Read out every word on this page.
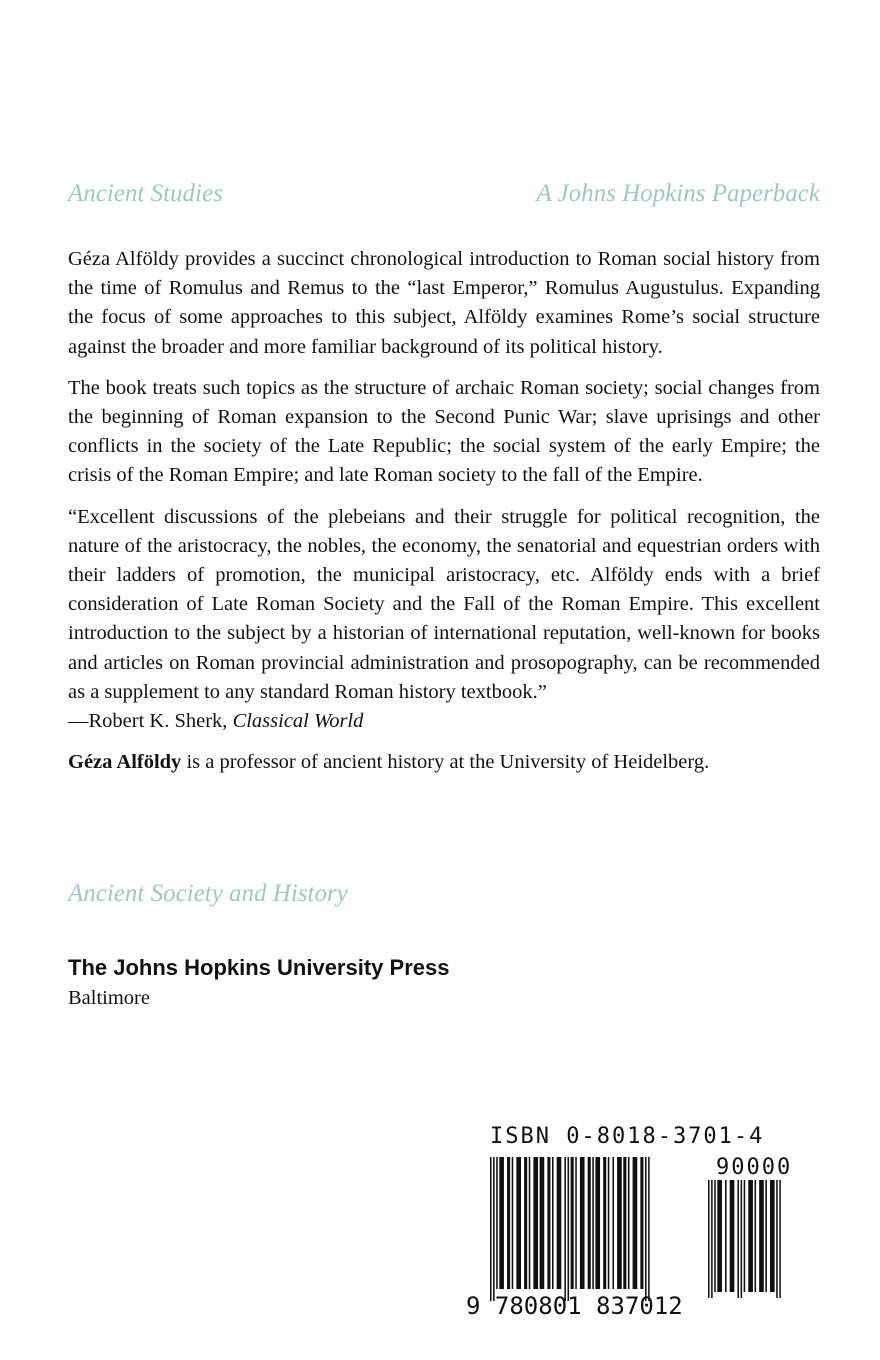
Ancient Studies	A Johns Hopkins Paperback

Géza Alföldy provides a succinct chronological introduction to Roman social history from the time of Romulus and Remus to the “last Emperor,” Romulus Augustulus. Expanding the focus of some approaches to this subject, Alföldy examines Rome’s social structure against the broader and more familiar background of its political history.

The book treats such topics as the structure of archaic Roman society; social changes from the beginning of Roman expansion to the Second Punic War; slave uprisings and other conflicts in the society of the Late Republic; the social system of the early Empire; the crisis of the Roman Empire; and late Roman society to the fall of the Empire.

“Excellent discussions of the plebeians and their struggle for political recognition, the nature of the aristocracy, the nobles, the economy, the senatorial and equestrian orders with their ladders of promotion, the municipal aristocracy, etc. Alföldy ends with a brief consideration of Late Roman Society and the Fall of the Roman Empire. This excellent introduction to the subject by a historian of international reputation, well-known for books and articles on Roman provincial administration and prosopography, can be recommended as a supplement to any standard Roman history textbook.”
—Robert K. Sherk, Classical World

Géza Alföldy is a professor of ancient history at the University of Heidelberg.

Ancient Society and History
The Johns Hopkins University Press
Baltimore
ISBN 0-8018-3701-4
9 780801 837012
90000
